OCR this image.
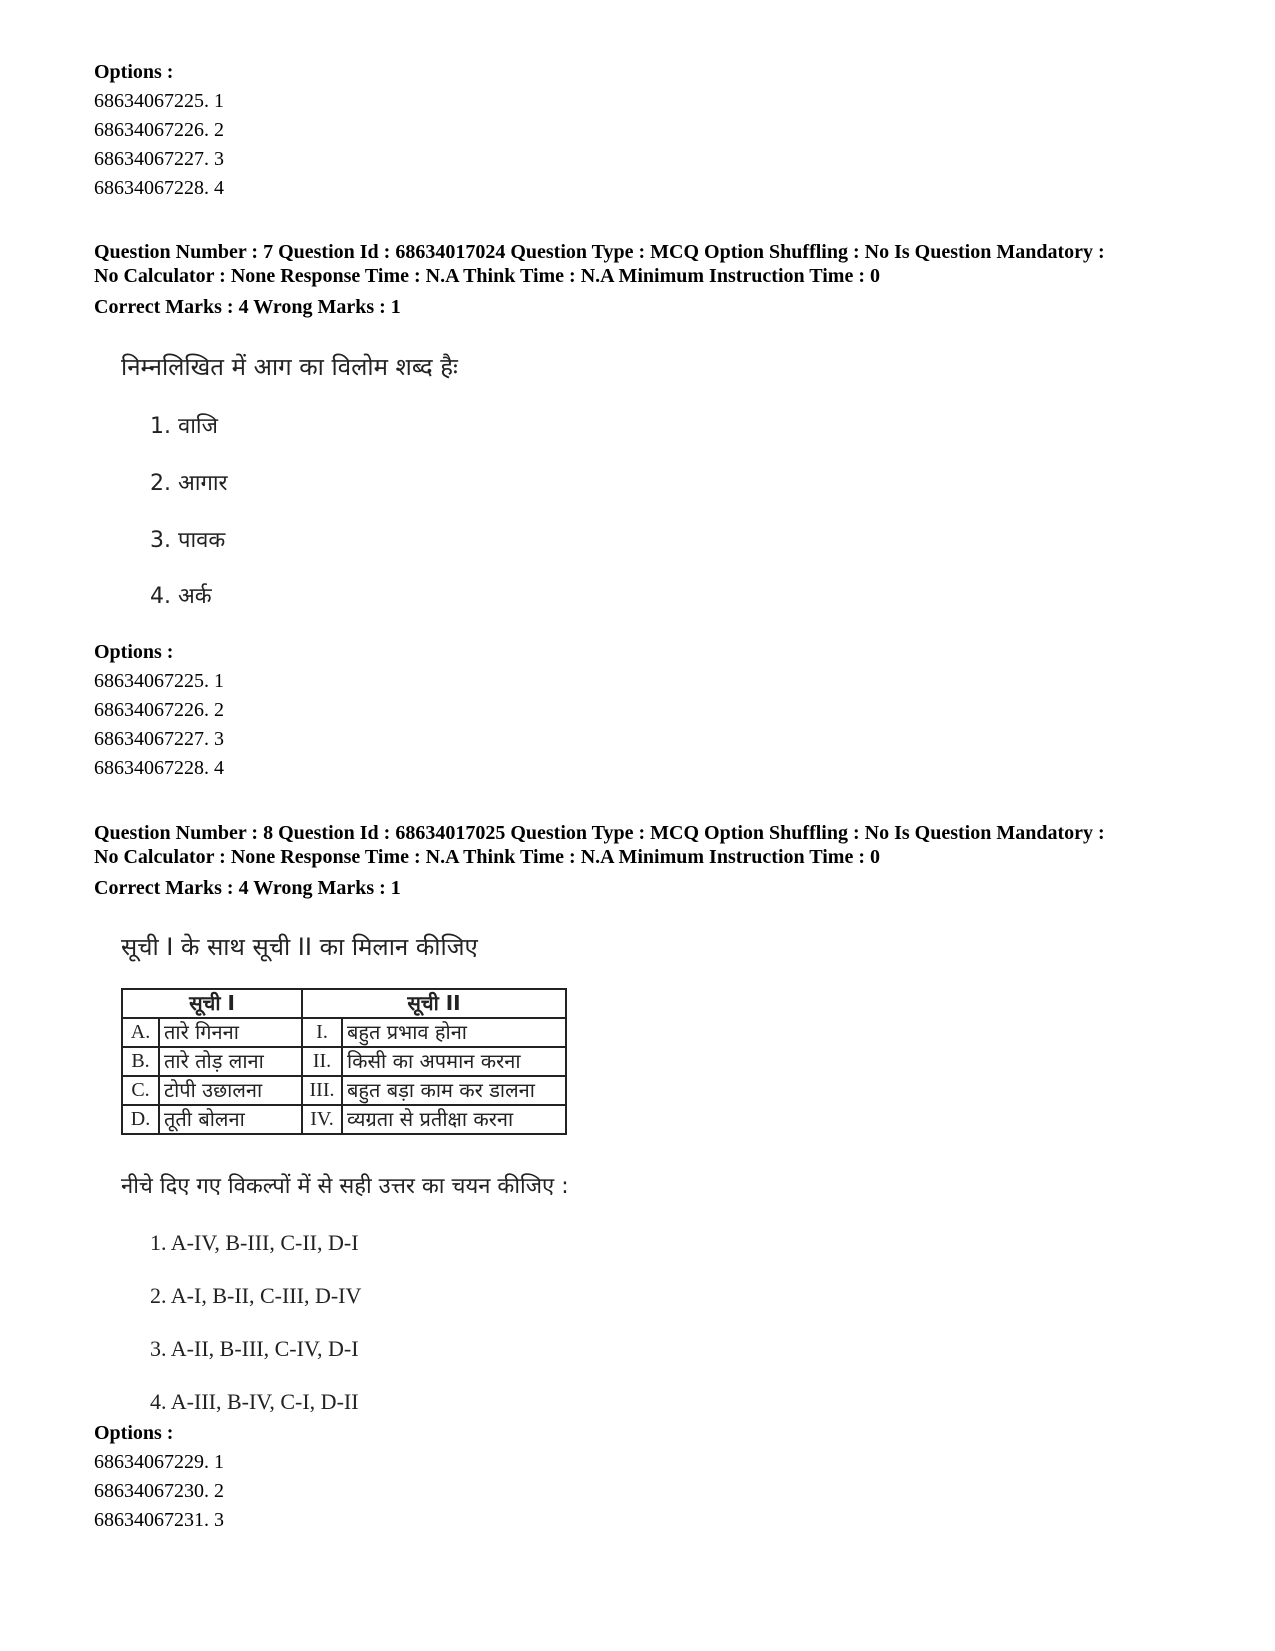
Options :
68634067225. 1
68634067226. 2
68634067227. 3
68634067228. 4
Question Number : 7 Question Id : 68634017024 Question Type : MCQ Option Shuffling : No Is Question Mandatory :
No Calculator : None Response Time : N.A Think Time : N.A Minimum Instruction Time : 0
Correct Marks : 4 Wrong Marks : 1
निम्नलिखित में आग का विलोम शब्द हैः
1. वाजि
2. आगार
3. पावक
4. अर्क
Options :
68634067225. 1
68634067226. 2
68634067227. 3
68634067228. 4
Question Number : 8 Question Id : 68634017025 Question Type : MCQ Option Shuffling : No Is Question Mandatory :
No Calculator : None Response Time : N.A Think Time : N.A Minimum Instruction Time : 0
Correct Marks : 4 Wrong Marks : 1
सूची I के साथ सूची II का मिलान कीजिए
सूची I		सूची II	
A.	तारे गिनना	I.	बहुत प्रभाव होना
B.	तारे तोड़ लाना	II.	किसी का अपमान करना
C.	टोपी उछालना	III.	बहुत बड़ा काम कर डालना
D.	तूती बोलना	IV.	व्यग्रता से प्रतीक्षा करना
नीचे दिए गए विकल्पों में से सही उत्तर का चयन कीजिए :
1. A-IV, B-III, C-II, D-I
2. A-I, B-II, C-III, D-IV
3. A-II, B-III, C-IV, D-I
4. A-III, B-IV, C-I, D-II
Options :
68634067229. 1
68634067230. 2
68634067231. 3
